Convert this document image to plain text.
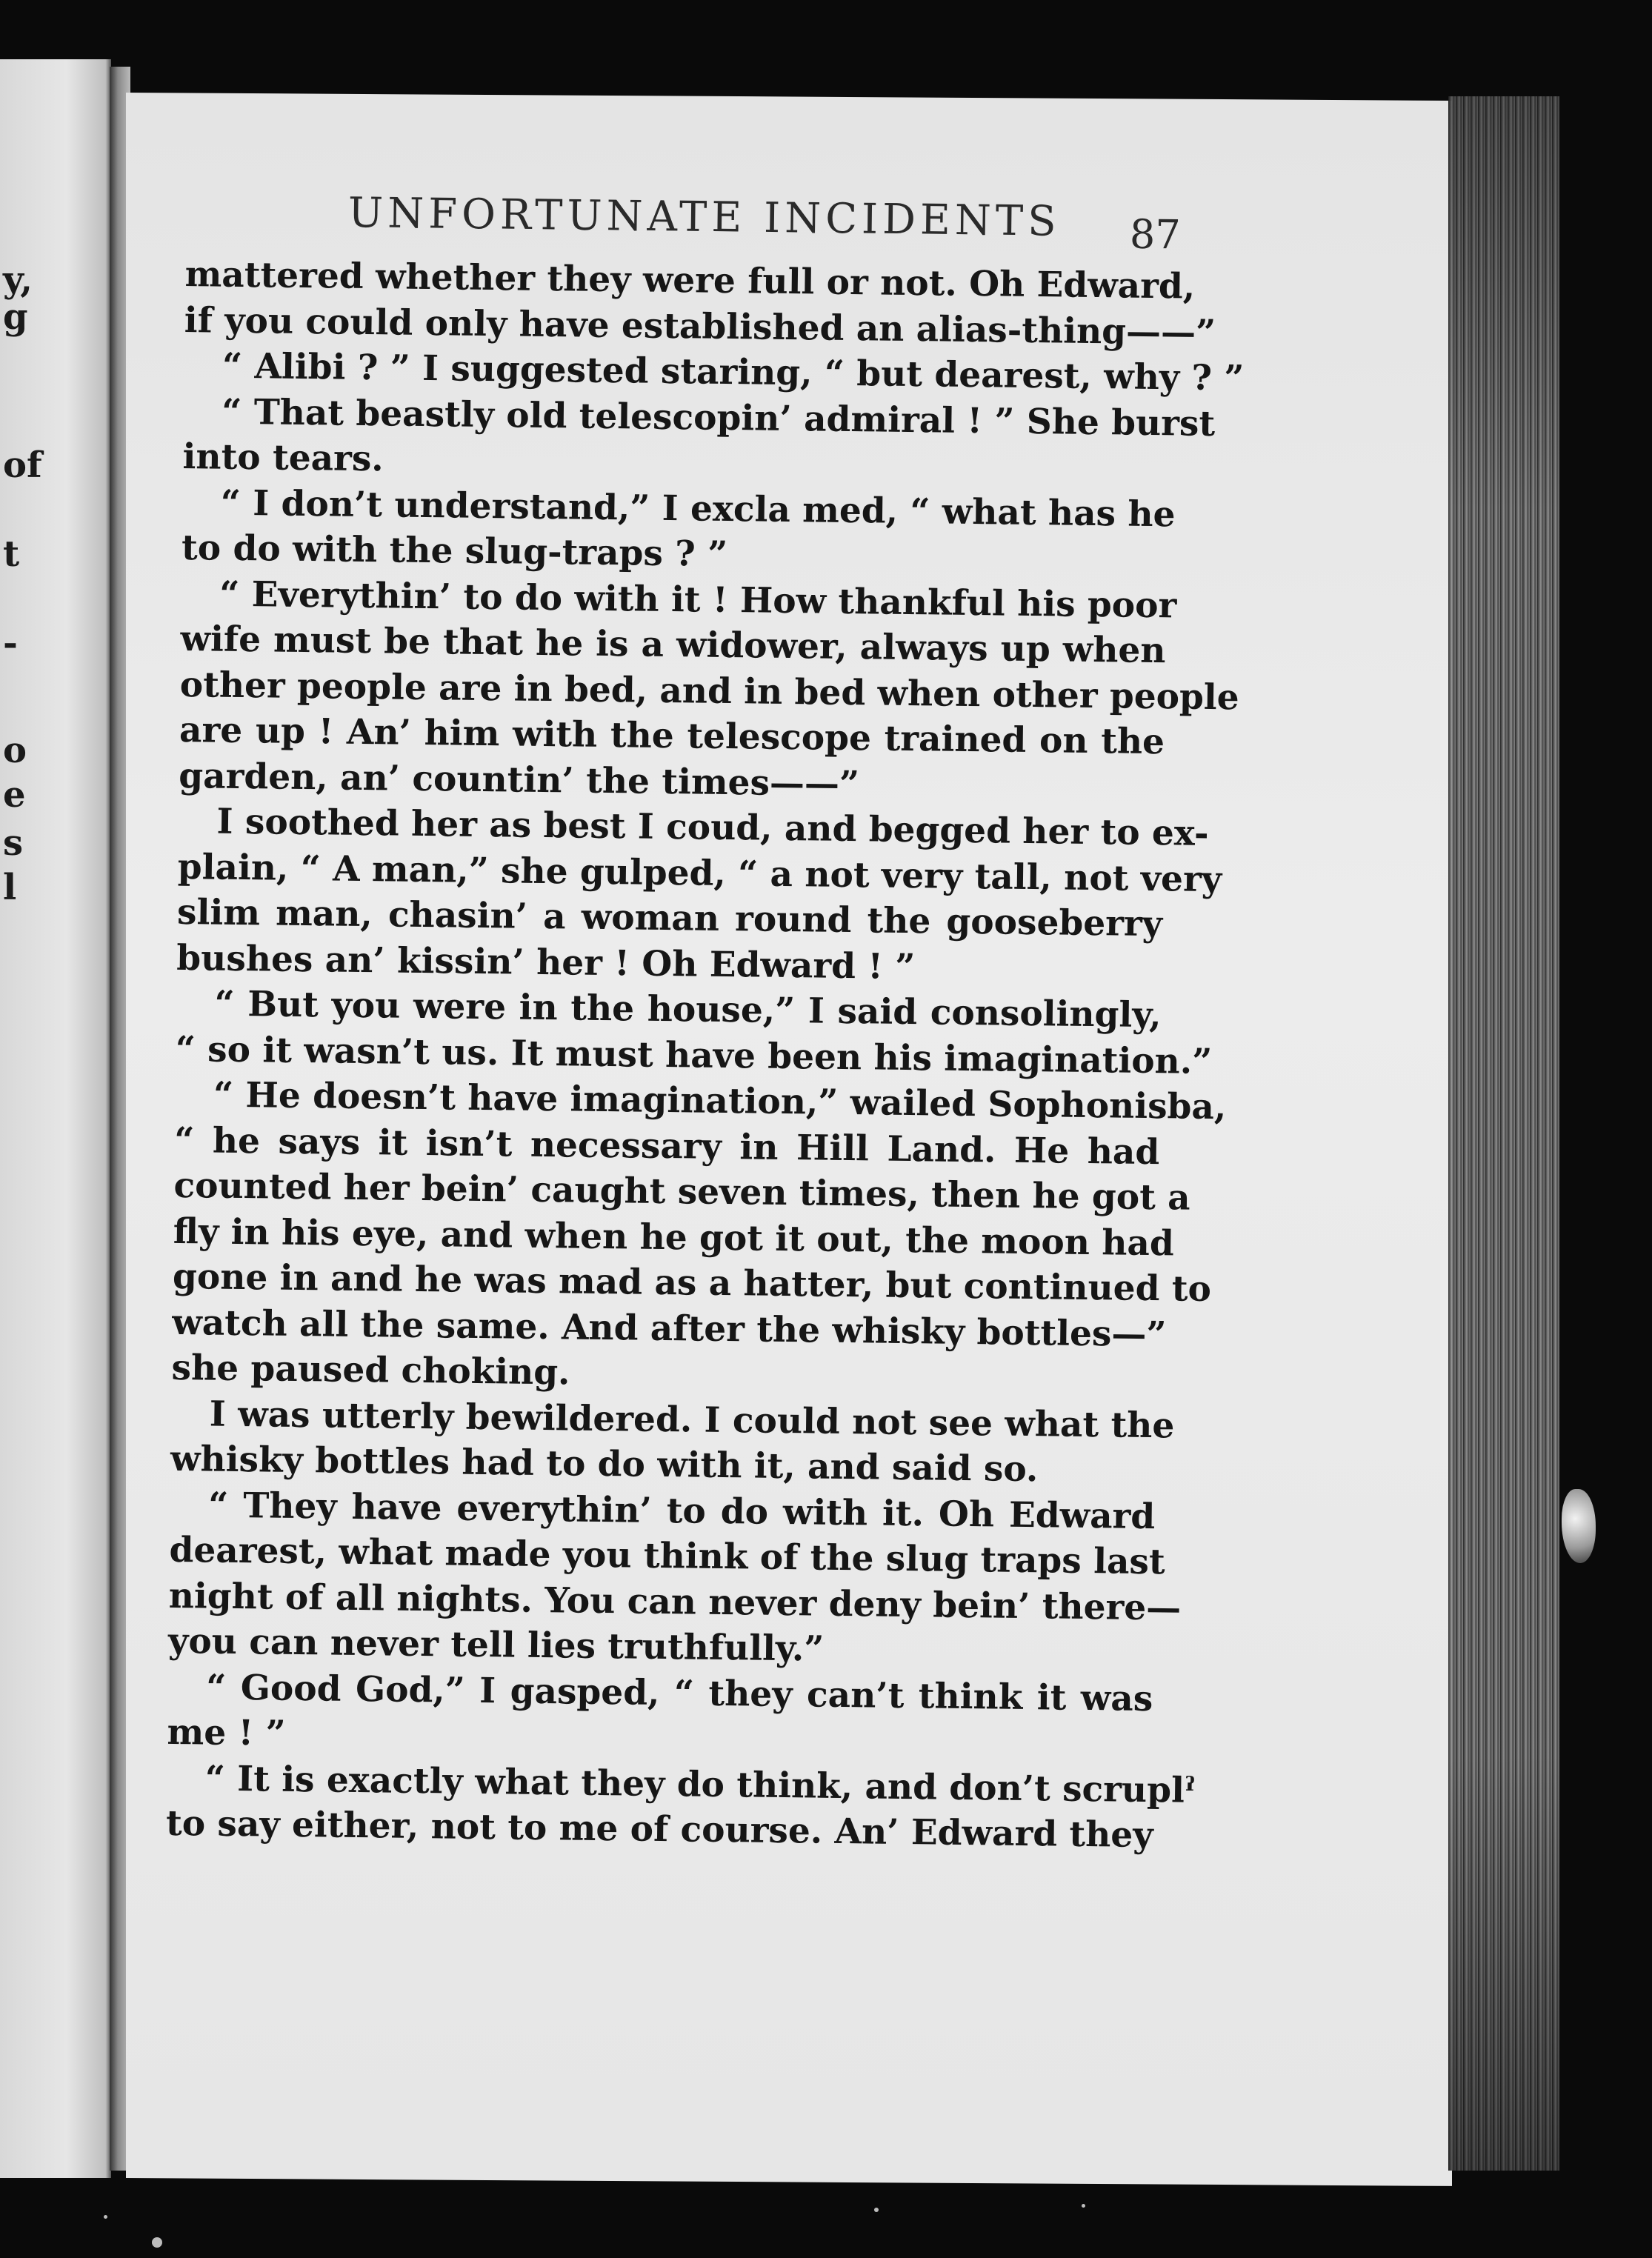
y,
g
of
t
-
o
e
s
l
UNFORTUNATE INCIDENTS	87
mattered whether they were full or not. Oh Edward,
if you could only have established an alias-thing——”
“ Alibi ? ” I suggested staring, “ but dearest, why ? ”
“ That beastly old telescopin’ admiral ! ” She burst
into tears.
“ I don’t understand,” I excla med, “ what has he
to do with the slug-traps ? ”
“ Everythin’ to do with it ! How thankful his poor
wife must be that he is a widower, always up when
other people are in bed, and in bed when other people
are up ! An’ him with the telescope trained on the
garden, an’ countin’ the times——”
I soothed her as best I coud, and begged her to ex-
plain, “ A man,” she gulped, “ a not very tall, not very
slim man, chasin’ a woman round the gooseberry
bushes an’ kissin’ her ! Oh Edward ! ”
“ But you were in the house,” I said consolingly,
“ so it wasn’t us. It must have been his imagination.”
“ He doesn’t have imagination,” wailed Sophonisba,
“ he says it isn’t necessary in Hill Land. He had
counted her bein’ caught seven times, then he got a
fly in his eye, and when he got it out, the moon had
gone in and he was mad as a hatter, but continued to
watch all the same. And after the whisky bottles—”
she paused choking.
I was utterly bewildered. I could not see what the
whisky bottles had to do with it, and said so.
“ They have everythin’ to do with it. Oh Edward
dearest, what made you think of the slug traps last
night of all nights. You can never deny bein’ there—
you can never tell lies truthfully.”
“ Good God,” I gasped, “ they can’t think it was
me ! ”
“ It is exactly what they do think, and don’t scruplˀ
to say either, not to me of course. An’ Edward they
